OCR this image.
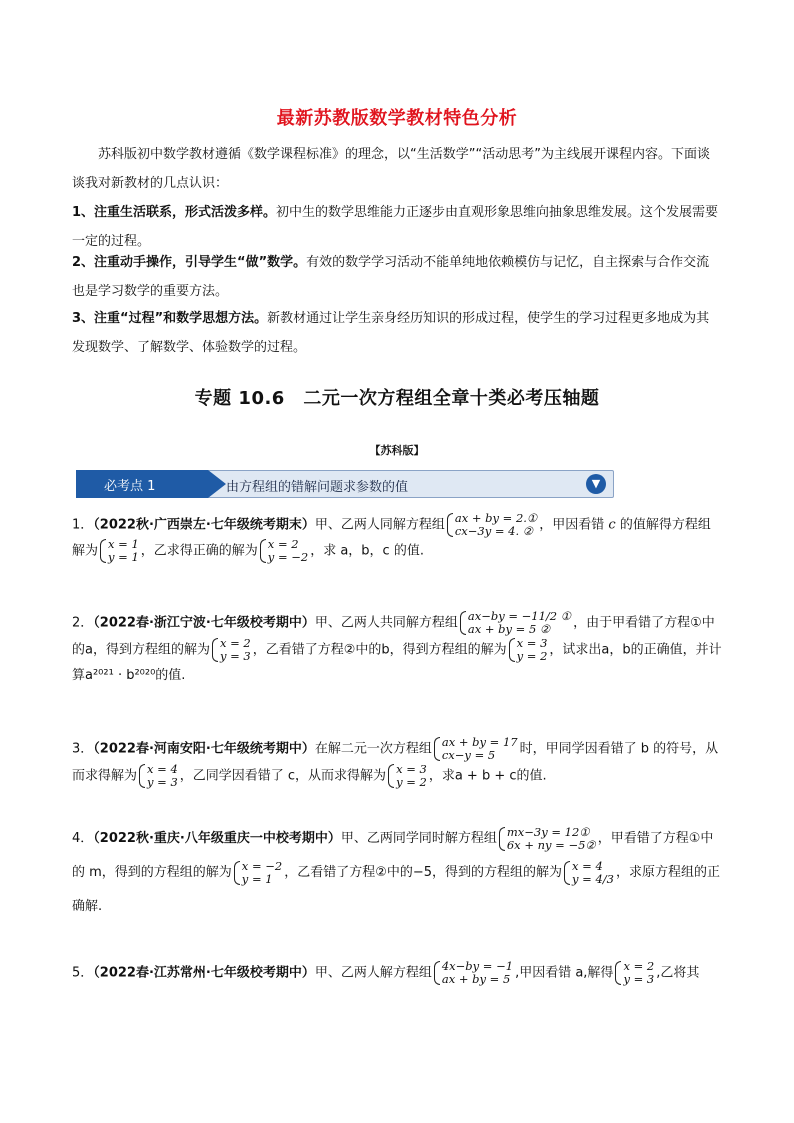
最新苏教版数学教材特色分析
苏科版初中数学教材遵循《数学课程标准》的理念，以“生活数学”“活动思考”为主线展开课程内容。下面谈谈我对新教材的几点认识：
1、注重生活联系，形式活泼多样。初中生的数学思维能力正逐步由直观形象思维向抽象思维发展。这个发展需要一定的过程。
2、注重动手操作，引导学生“做”数学。有效的数学学习活动不能单纯地依赖模仿与记忆，自主探索与合作交流也是学习数学的重要方法。
3、注重“过程”和数学思想方法。新教材通过让学生亲身经历知识的形成过程，使学生的学习过程更多地成为其发现数学、了解数学、体验数学的过程。
专题 10.6　二元一次方程组全章十类必考压轴题
【苏科版】
必考点 1	由方程组的错解问题求参数的值	▼
1．（2022秋·广西崇左·七年级统考期末）甲、乙两人同解方程组 ax + by = 2.①
cx−3y = 4. ② ，甲因看错 c 的值解得方程组解为 x = 1
y = 1 ，乙求得正确的解为 x = 2
y = −2 ，求 a，b，c 的值.
2．（2022春·浙江宁波·七年级校考期中）甲、乙两人共同解方程组 ax−by = −11/2 ①
ax + by = 5 ②	，由于甲看错了方程①中的a，得到方程组的解为 x = 2
y = 3 ，乙看错了方程②中的b，得到方程组的解为 x = 3
y = 2 ，试求出a，b的正确值，并计算a²⁰²¹ · b²⁰²⁰的值.
3．（2022春·河南安阳·七年级统考期中）在解二元一次方程组 ax + by = 17
cx−y = 5	时，甲同学因看错了 b 的符号，从而求得解为 x = 4
y = 3 ，乙同学因看错了 c，从而求得解为 x = 3
y = 2 ，求a + b + c的值.
4．（2022秋·重庆·八年级重庆一中校考期中）甲、乙两同学同时解方程组 mx−3y = 12①
6x + ny = −5② ，甲看错了方程①中的 m，得到的方程组的解为 x = −2
y = 1 ，乙看错了方程②中的−5，得到的方程组的解为 x = 4
y = 4/3 ，求原方程组的正确解.
5．（2022春·江苏常州·七年级校考期中）甲、乙两人解方程组 4x−by = −1
ax + by = 5 ,甲因看错 a,解得 x = 2
y = 3 ,乙将其
